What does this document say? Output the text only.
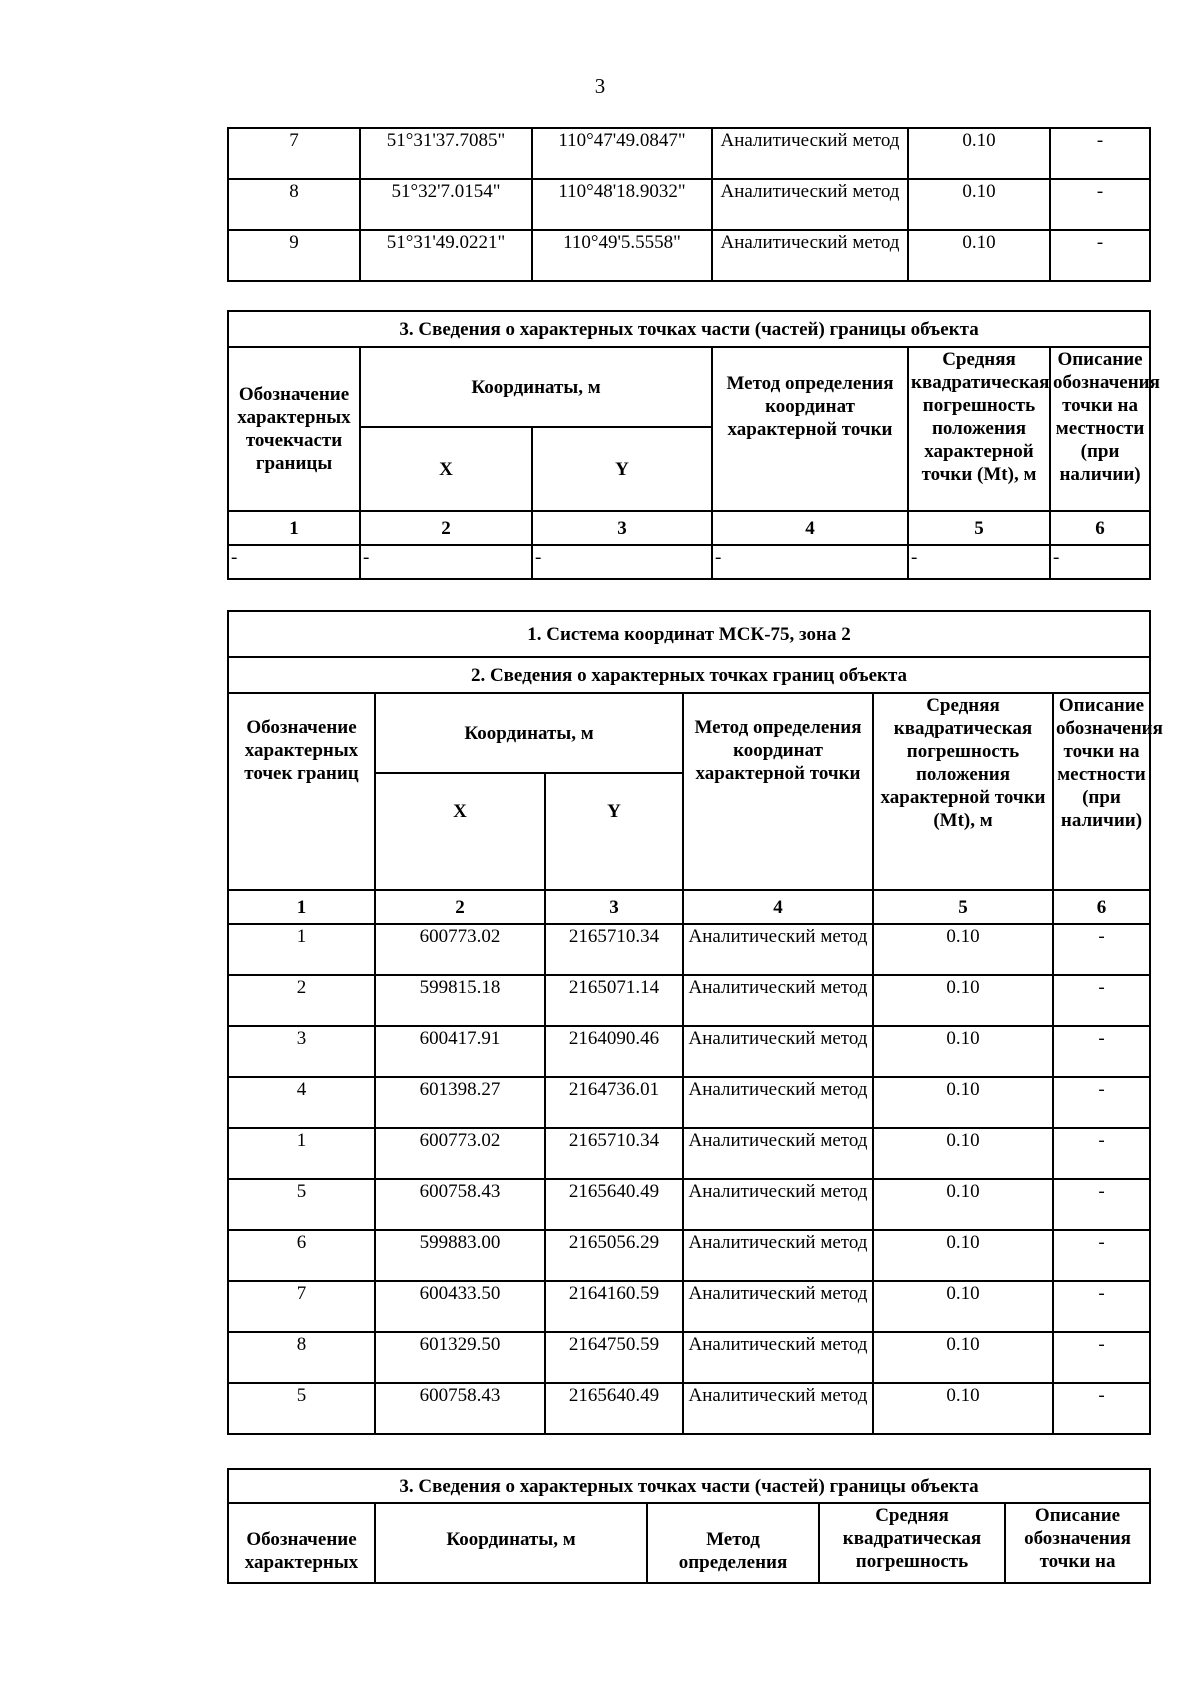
3
7	51°31'37.7085"	110°47'49.0847"	Аналитический метод	0.10	-
8	51°32'7.0154"	110°48'18.9032"	Аналитический метод	0.10	-
9	51°31'49.0221"	110°49'5.5558"	Аналитический метод	0.10	-
3. Сведения о характерных точках части (частей) границы объекта					
Обозначение характерных точекчасти границы	Координаты, м		Метод определения координат характерной точки	Средняя квадратическая погрешность положения характерной точки (Mt), м	Описание обозначения точки на местности (при наличии)
	X	Y			
1	2	3	4	5	6
-	-	-	-	-	-
1. Система координат МСК-75, зона 2					
2. Сведения о характерных точках границ объекта					
Обозначение характерных точек границ	Координаты, м		Метод определения координат характерной точки	Средняя квадратическая погрешность положения характерной точки (Mt), м	Описание обозначения точки на местности (при наличии)
	X	Y			
1	2	3	4	5	6
1	600773.02	2165710.34	Аналитический метод	0.10	-
2	599815.18	2165071.14	Аналитический метод	0.10	-
3	600417.91	2164090.46	Аналитический метод	0.10	-
4	601398.27	2164736.01	Аналитический метод	0.10	-
1	600773.02	2165710.34	Аналитический метод	0.10	-
5	600758.43	2165640.49	Аналитический метод	0.10	-
6	599883.00	2165056.29	Аналитический метод	0.10	-
7	600433.50	2164160.59	Аналитический метод	0.10	-
8	601329.50	2164750.59	Аналитический метод	0.10	-
5	600758.43	2165640.49	Аналитический метод	0.10	-
3. Сведения о характерных точках части (частей) границы объекта
Обозначение характерных	Координаты, м	Метод определения	Средняя квадратическая погрешность	Описание обозначения точки на
